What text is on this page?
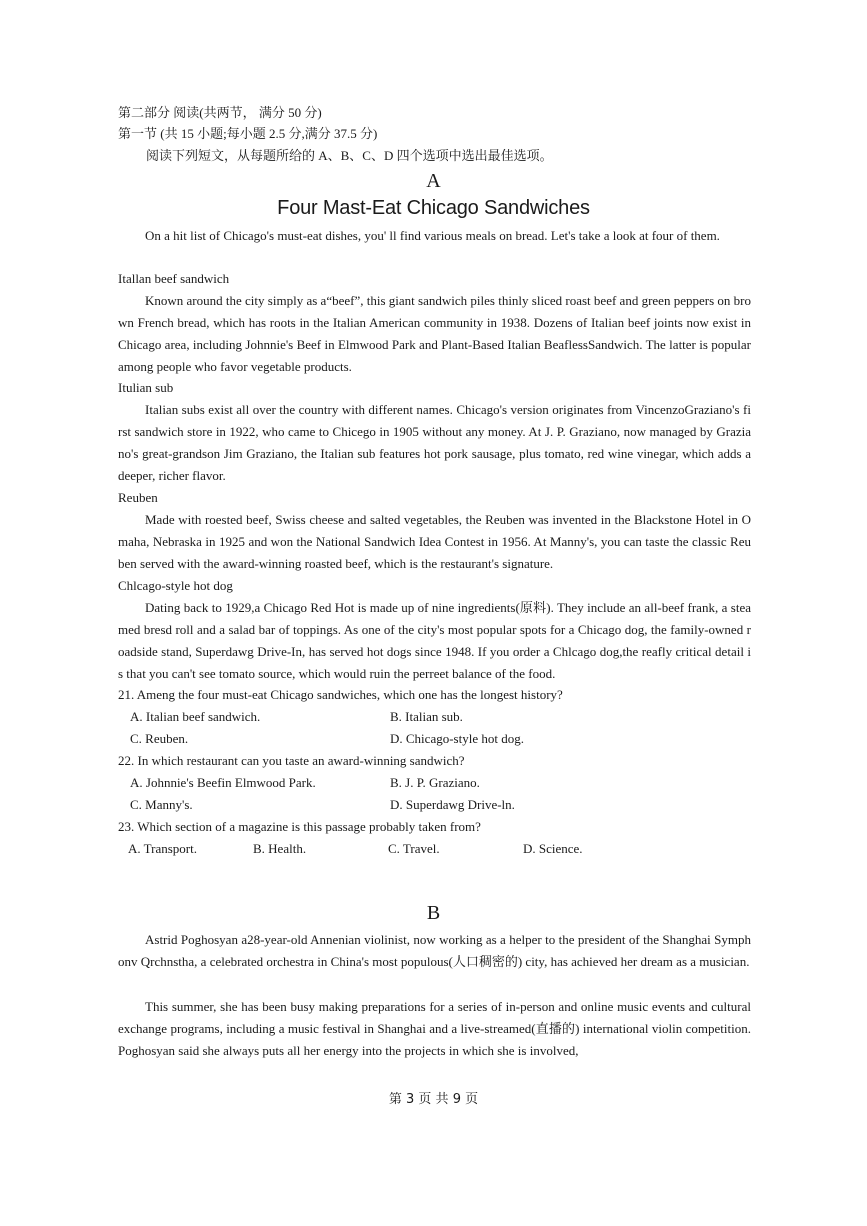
第二部分 阅读(共两节， 满分 50 分)
第一节 (共 15 小题;每小题 2.5 分,满分 37.5 分)
阅读下列短文，从每题所给的 A、B、C、D 四个选项中选出最佳选项。
A
Four Mast-Eat Chicago Sandwiches
On a hit list of Chicago's must-eat dishes, you' ll find various meals on bread. Let's take a look at four of them.
Itallan beef sandwich
Known around the city simply as a“beef”, this giant sandwich piles thinly sliced roast beef and green peppers on brown French bread, which has roots in the Italian American community in 1938. Dozens of Italian beef joints now exist in Chicago area, including Johnnie's Beef in Elmwood Park and Plant-Based Italian BeaflessSandwich. The latter is popular among people who favor vegetable products.
Itulian sub
Italian subs exist all over the country with different names. Chicago's version originates from VincenzoGraziano's first sandwich store in 1922, who came to Chicego in 1905 without any money. At J. P. Graziano, now managed by Graziano's great-grandson Jim Graziano, the Italian sub features hot pork sausage, plus tomato, red wine vinegar, which adds a deeper, richer flavor.
Reuben
Made with roested beef, Swiss cheese and salted vegetables, the Reuben was invented in the Blackstone Hotel in Omaha, Nebraska in 1925 and won the National Sandwich Idea Contest in 1956. At Manny's, you can taste the classic Reuben served with the award-winning roasted beef, which is the restaurant's signature.
Chlcago-style hot dog
Dating back to 1929,a Chicago Red Hot is made up of nine ingredients(原料). They include an all-beef frank, a steamed bresd roll and a salad bar of toppings. As one of the city's most popular spots for a Chicago dog, the family-owned roadside stand, Superdawg Drive-In, has served hot dogs since 1948. If you order a Chlcago dog,the reafly critical detail is that you can't see tomato source, which would ruin the perreet balance of the food.
21. Ameng the four must-eat Chicago sandwiches, which one has the longest history?
A. Italian beef sandwich.	B. Italian sub.
C. Reuben.	D. Chicago-style hot dog.
22. In which restaurant can you taste an award-winning sandwich?
A. Johnnie's Beefin Elmwood Park.	B. J. P. Graziano.
C. Manny's.	D. Superdawg Drive-ln.
23. Which section of a magazine is this passage probably taken from?
A. Transport.	B. Health.	C. Travel.	D. Science.
B
Astrid Poghosyan a28-year-old Annenian violinist, now working as a helper to the president of the Shanghai Symphonv Qrchnstha, a celebrated orchestra in China's most populous(人口稠密的) city, has achieved her dream as a musician.
This summer, she has been busy making preparations for a series of in-person and online music events and cultural exchange programs, including a music festival in Shanghai and a live-streamed(直播的) international violin competition. Poghosyan said she always puts all her energy into the projects in which she is involved,
第 3 页 共 9 页
